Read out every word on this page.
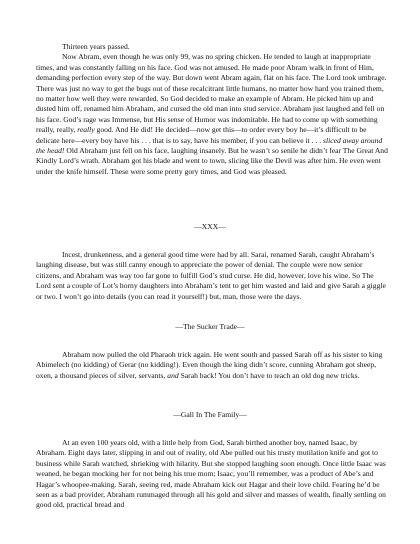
Thirteen years passed.

Now Abram, even though he was only 99, was no spring chicken. He tended to laugh at inappropriate times, and was constantly falling on his face. God was not amused. He made poor Abram walk in front of Him, demanding perfection every step of the way. But down went Abram again, flat on his face. The Lord took umbrage. There was just no way to get the bugs out of these recalcitrant little humans, no matter how hard you trained them, no matter how well they were rewarded. So God decided to make an example of Abram. He picked him up and dusted him off, renamed him Abraham, and cursed the old man into stud service. Abraham just laughed and fell on his face. God’s rage was Immense, but His sense of Humor was indomitable. He had to come up with something really, really, really good. And He did! He decided—now get this—to order every boy he—it’s difficult to be delicate here—every boy have his . . . that is to say, have his member, if you can believe it . . . sliced away around the head! Old Abraham just fell on his face, laughing insanely. But he wasn’t so senile he didn’t fear The Great And Kindly Lord’s wrath. Abraham got his blade and went to town, slicing like the Devil was after him. He even went under the knife himself. These were some pretty gory times, and God was pleased.

—XXX—

Incest, drunkenness, and a general good time were had by all. Sarai, renamed Sarah, caught Abraham’s laughing disease, but was still canny enough to appreciate the power of denial. The couple were now senior citizens, and Abraham was way too far gone to fulfill God’s stud curse. He did, however, love his wine. So The Lord sent a couple of Lot’s horny daughters into Abraham’s tent to get him wasted and laid and give Sarah a giggle or two. I won’t go into details (you can read it yourself!) but, man, those were the days.

—The Sucker Trade—

Abraham now pulled the old Pharaoh trick again. He went south and passed Sarah off as his sister to king Abimelech (no kidding) of Gerar (no kidding!). Even though the king didn’t score, cunning Abraham got sheep, oxen, a thousand pieces of silver, servants, and Sarah back! You don’t have to teach an old dog new tricks.

—Gall In The Family—

At an even 100 years old, with a little help from God, Sarah birthed another boy, named Isaac, by Abraham. Eight days later, slipping in and out of reality, old Abe pulled out his trusty mutilation knife and got to business while Sarah watched, shrieking with hilarity. But she stopped laughing soon enough. Once little Isaac was weaned, he began mocking her for not being his true mom; Isaac, you’ll remember, was a product of Abe’s and Hagar’s whoopee-making. Sarah, seeing red, made Abraham kick out Hagar and their love child. Fearing he’d be seen as a bad provider, Abraham rummaged through all his gold and silver and masses of wealth, finally settling on good old, practical bread and
